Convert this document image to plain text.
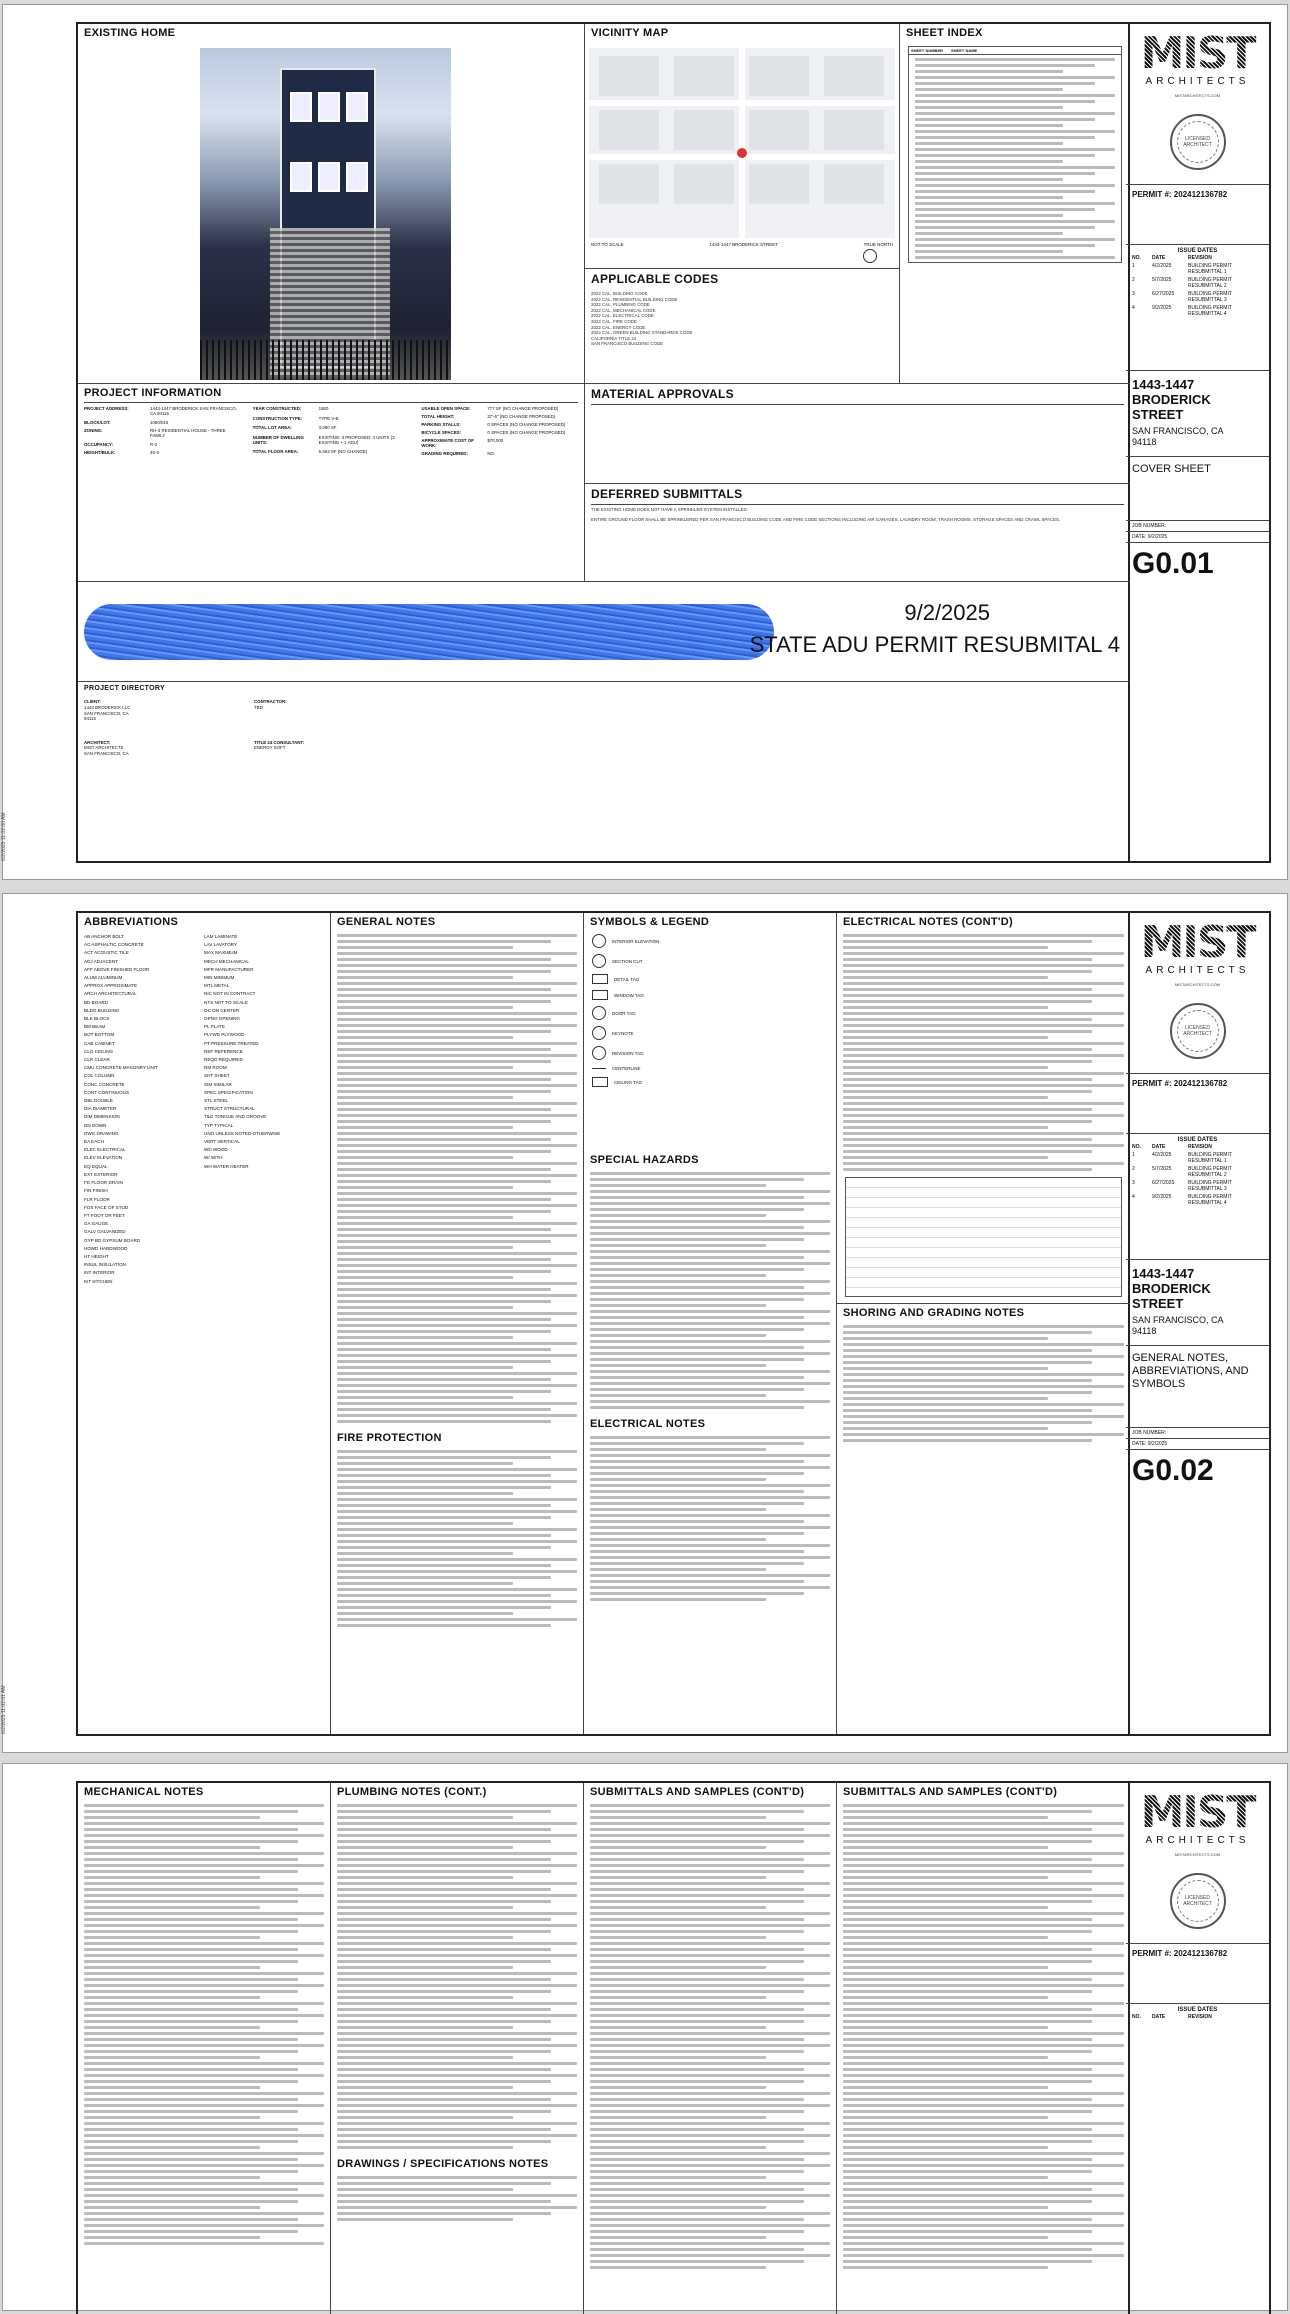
6/2/2025 11:02:00 AM
EXISTING HOME	VICINITY MAP
NOT TO SCALE	1443-1447 BRODERICK STREET	TRUE NORTH
SHEET INDEX
SHEET NUMBER	SHEET NAME
APPLICABLE CODES
2022 CAL. BUILDING CODE
2022 CAL. RESIDENTIAL BUILDING CODE
2022 CAL. PLUMBING CODE
2022 CAL. MECHANICAL CODE
2022 CAL. ELECTRICAL CODE
2022 CAL. FIRE CODE
2022 CAL. ENERGY CODE
2022 CAL. GREEN BUILDING STANDARDS CODE
CALIFORNIA TITLE 24
SAN FRANCISCO BUILDING CODE
PROJECT INFORMATION
PROJECT ADDRESS:	1443-1447 BRODERICK SAN FRANCISCO, CA 94115
BLOCK/LOT:	1060/016
ZONING:	RH-3 RESIDENTIAL HOUSE - THREE FAMILY
OCCUPANCY:	R-3
HEIGHT/BULK:	40-X
YEAR CONSTRUCTED:	1900
CONSTRUCTION TYPE:	TYPE V-B
TOTAL LOT AREA:	3,080 SF
NUMBER OF DWELLING UNITS:
EXISTING: 3 PROPOSED: 4 UNITS (3 EXISTING + 1 ADU)
TOTAL FLOOR AREA:	6,563 SF (NO CHANGE)
USABLE OPEN SPACE:	777 SF (NO CHANGE PROPOSED)
TOTAL HEIGHT:	37'-6" (NO CHANGE PROPOSED)
PARKING STALLS:	0 SPACES (NO CHANGE PROPOSED)
BICYCLE SPACES:	0 SPACES (NO CHANGE PROPOSED)
APPROXIMATE COST OF WORK:
$70,000
GRADING REQUIRED:	NO
MATERIAL APPROVALS
DEFERRED SUBMITTALS
THE EXISTING HOME DOES NOT HAVE A SPRINKLER SYSTEM INSTALLED.
ENTIRE GROUND FLOOR SHALL BE SPRINKLERED PER SAN FRANCISCO BUILDING CODE AND FIRE CODE SECTIONS INCLUDING AIR GARAGES, LAUNDRY ROOM, TRASH ROOMS, STORAGE SPACES AND CRAWL SPACES.
9/2/2025
STATE ADU PERMIT RESUBMITAL 4
PROJECT DIRECTORY
CLIENT:
1443 BRODERICK LLC
SAN FRANCISCO, CA
94115

ARCHITECT:
MIST ARCHITECTS
SAN FRANCISCO, CA
CONTRACTOR:
TBD

TITLE 24 CONSULTANT:
ENERGY SOFT
MIST
ARCHITECTS
MISTARCHITECTS.COM
LICENSED ARCHITECT
PERMIT #: 202412136782
ISSUE DATES
NO.	DATE	REVISION
1	4/2/2025	BUILDING PERMIT RESUBMITTAL 1
2	5/7/2025	BUILDING PERMIT RESUBMITTAL 2
3	6/27/2025	BUILDING PERMIT RESUBMITTAL 3
4	9/2/2025	BUILDING PERMIT RESUBMITTAL 4
1443-1447
BRODERICK STREET
SAN FRANCISCO, CA
94118
COVER SHEET
JOB NUMBER:
DATE: 9/2/2025
G0.01
6/2/2025 11:02:01 AM
ABBREVIATIONS
AB ANCHOR BOLT
AC ASPHALTIC CONCRETE
ACT ACOUSTIC TILE
ADJ ADJACENT
AFF ABOVE FINISHED FLOOR
ALUM ALUMINUM
APPROX APPROXIMATE
ARCH ARCHITECTURAL
BD BOARD
BLDG BUILDING
BLK BLOCK
BM BEAM
BOT BOTTOM
CAB CABINET
CLG CEILING
CLR CLEAR
CMU CONCRETE MASONRY UNIT
COL COLUMN
CONC CONCRETE
CONT CONTINUOUS
DBL DOUBLE
DIA DIAMETER
DIM DIMENSION
DN DOWN
DWG DRAWING
EA EACH
ELEC ELECTRICAL
ELEV ELEVATION
EQ EQUAL
EXT EXTERIOR
FD FLOOR DRAIN
FIN FINISH
FLR FLOOR
FOS FACE OF STUD
FT FOOT OR FEET
GA GAUGE
GALV GALVANIZED
GYP BD GYPSUM BOARD
HDWD HARDWOOD
HT HEIGHT
INSUL INSULATION
INT INTERIOR
KIT KITCHEN
LAM LAMINATE
LAV LAVATORY
MAX MAXIMUM
MECH MECHANICAL
MFR MANUFACTURER
MIN MINIMUM
MTL METAL
NIC NOT IN CONTRACT
NTS NOT TO SCALE
OC ON CENTER
OPNG OPENING
PL PLATE
PLYWD PLYWOOD
PT PRESSURE TREATED
REF REFERENCE
REQD REQUIRED
RM ROOM
SHT SHEET
SIM SIMILAR
SPEC SPECIFICATION
STL STEEL
STRUCT STRUCTURAL
T&G TONGUE AND GROOVE
TYP TYPICAL
UNO UNLESS NOTED OTHERWISE
VERT VERTICAL
WD WOOD
W/ WITH
WH WATER HEATER
GENERAL NOTES
FIRE PROTECTION
SYMBOLS & LEGEND
INTERIOR ELEVATION
SECTION CUT
DETAIL TAG
WINDOW TAG
DOOR TAG
KEYNOTE
REVISION TAG
CENTERLINE
CEILING TAG
SPECIAL HAZARDS
ELECTRICAL NOTES
ELECTRICAL NOTES (CONT'D)
SHORING AND GRADING NOTES
MIST
ARCHITECTS
MISTARCHITECTS.COM
LICENSED ARCHITECT
PERMIT #: 202412136782
ISSUE DATES
NO.	DATE	REVISION
1	4/2/2025	BUILDING PERMIT RESUBMITTAL 1
2	5/7/2025	BUILDING PERMIT RESUBMITTAL 2
3	6/27/2025	BUILDING PERMIT RESUBMITTAL 3
4	9/2/2025	BUILDING PERMIT RESUBMITTAL 4
1443-1447
BRODERICK STREET
SAN FRANCISCO, CA
94118
GENERAL NOTES, ABBREVIATIONS, AND SYMBOLS
JOB NUMBER:
DATE: 9/2/2025
G0.02
MECHANICAL NOTES	PLUMBING NOTES (CONT.)
DRAWINGS / SPECIFICATIONS NOTES
SUBMITTALS AND SAMPLES (CONT'D)	SUBMITTALS AND SAMPLES (CONT'D)	MIST
ARCHITECTS
MISTARCHITECTS.COM
LICENSED ARCHITECT
PERMIT #: 202412136782
ISSUE DATES
NO.	DATE	REVISION
